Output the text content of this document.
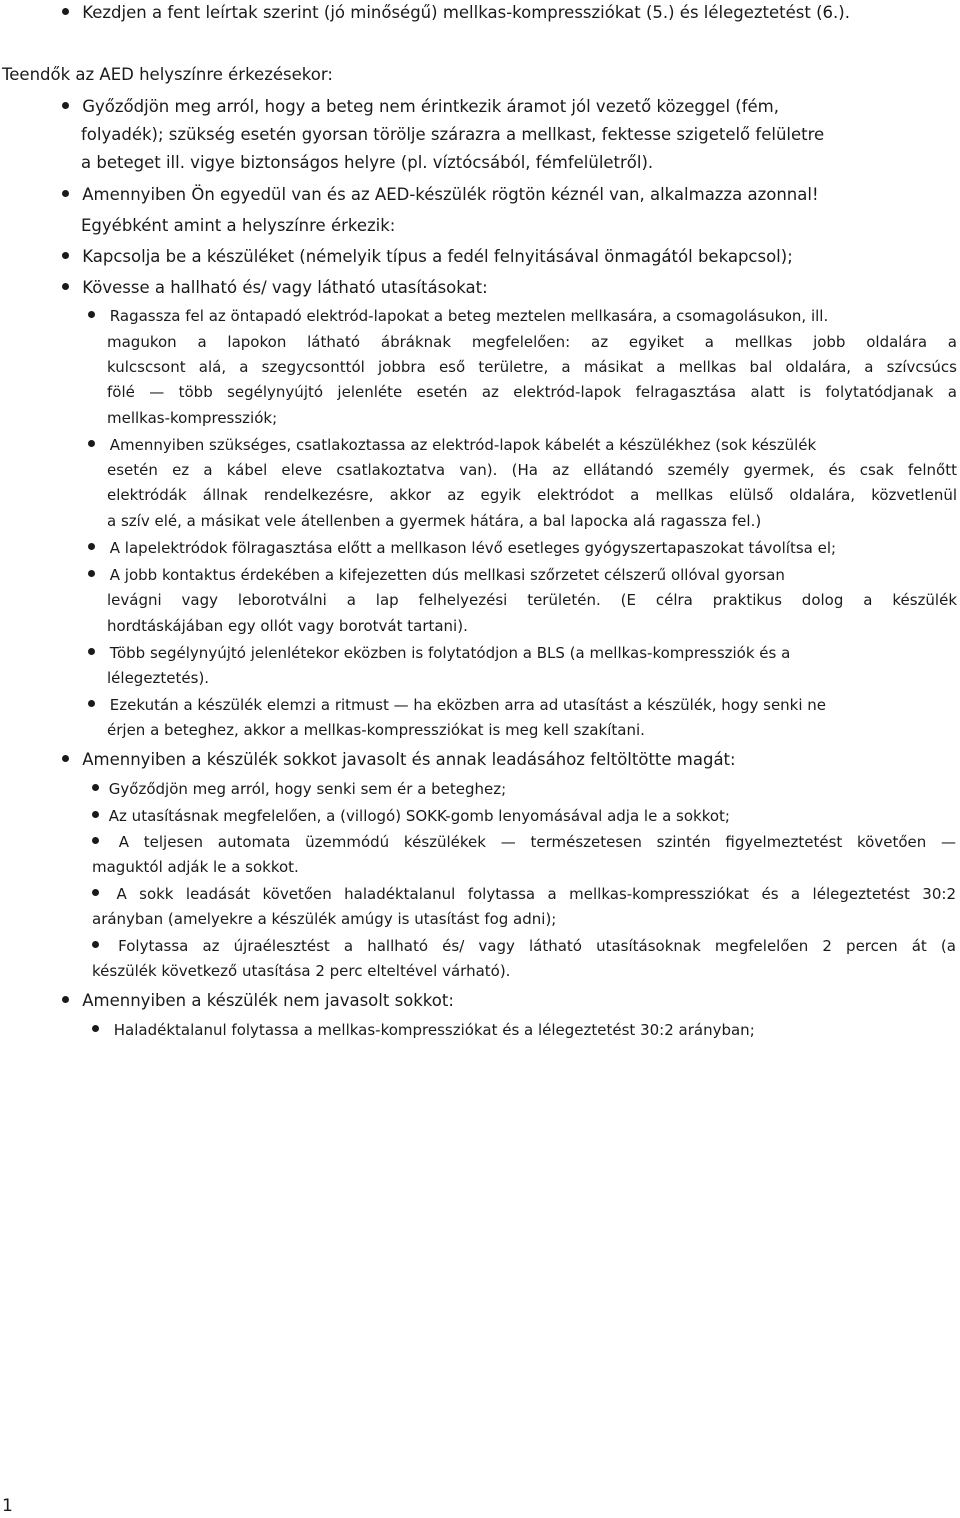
Kezdjen a fent leírtak szerint (jó minőségű) mellkas-kompressziókat (5.) és lélegeztetést (6.).
Teendők az AED helyszínre érkezésekor:
Győződjön meg arról, hogy a beteg nem érintkezik áramot jól vezető közeggel (fém,
folyadék); szükség esetén gyorsan törölje szárazra a mellkast, fektesse szigetelő felületre
a beteget ill. vigye biztonságos helyre (pl. víztócsából, fémfelületről).
Amennyiben Ön egyedül van és az AED-készülék rögtön kéznél van, alkalmazza azonnal!
Egyébként amint a helyszínre érkezik:
Kapcsolja be a készüléket (némelyik típus a fedél felnyitásával önmagától bekapcsol);
Kövesse a hallható és/ vagy látható utasításokat:
Ragassza fel az öntapadó elektród-lapokat a beteg meztelen mellkasára, a csomagolásukon, ill.
magukon a lapokon látható ábráknak megfelelően: az egyiket a mellkas jobb oldalára a
kulcscsont alá, a szegycsonttól jobbra eső területre, a másikat a mellkas bal oldalára, a szívcsúcs
fölé — több segélynyújtó jelenléte esetén az elektród-lapok felragasztása alatt is folytatódjanak a
mellkas-kompressziók;
Amennyiben szükséges, csatlakoztassa az elektród-lapok kábelét a készülékhez (sok készülék
esetén ez a kábel eleve csatlakoztatva van). (Ha az ellátandó személy gyermek, és csak felnőtt
elektródák állnak rendelkezésre, akkor az egyik elektródot a mellkas elülső oldalára, közvetlenül
a szív elé, a másikat vele átellenben a gyermek hátára, a bal lapocka alá ragassza fel.)
A lapelektródok fölragasztása előtt a mellkason lévő esetleges gyógyszertapaszokat távolítsa el;
A jobb kontaktus érdekében a kifejezetten dús mellkasi szőrzetet célszerű ollóval gyorsan
levágni vagy leborotválni a lap felhelyezési területén. (E célra praktikus dolog a készülék
hordtáskájában egy ollót vagy borotvát tartani).
Több segélynyújtó jelenlétekor eközben is folytatódjon a BLS (a mellkas-kompressziók és a
lélegeztetés).
Ezekután a készülék elemzi a ritmust — ha eközben arra ad utasítást a készülék, hogy senki ne
érjen a beteghez, akkor a mellkas-kompressziókat is meg kell szakítani.
Amennyiben a készülék sokkot javasolt és annak leadásához feltöltötte magát:
Győződjön meg arról, hogy senki sem ér a beteghez;
Az utasításnak megfelelően, a (villogó) SOKK-gomb lenyomásával adja le a sokkot;
A teljesen automata üzemmódú készülékek — természetesen szintén figyelmeztetést követően —
maguktól adják le a sokkot.
A sokk leadását követően haladéktalanul folytassa a mellkas-kompressziókat és a lélegeztetést 30:2
arányban (amelyekre a készülék amúgy is utasítást fog adni);
Folytassa az újraélesztést a hallható és/ vagy látható utasításoknak megfelelően 2 percen át (a
készülék következő utasítása 2 perc elteltével várható).
Amennyiben a készülék nem javasolt sokkot:
Haladéktalanul folytassa a mellkas-kompressziókat és a lélegeztetést 30:2 arányban;
1
